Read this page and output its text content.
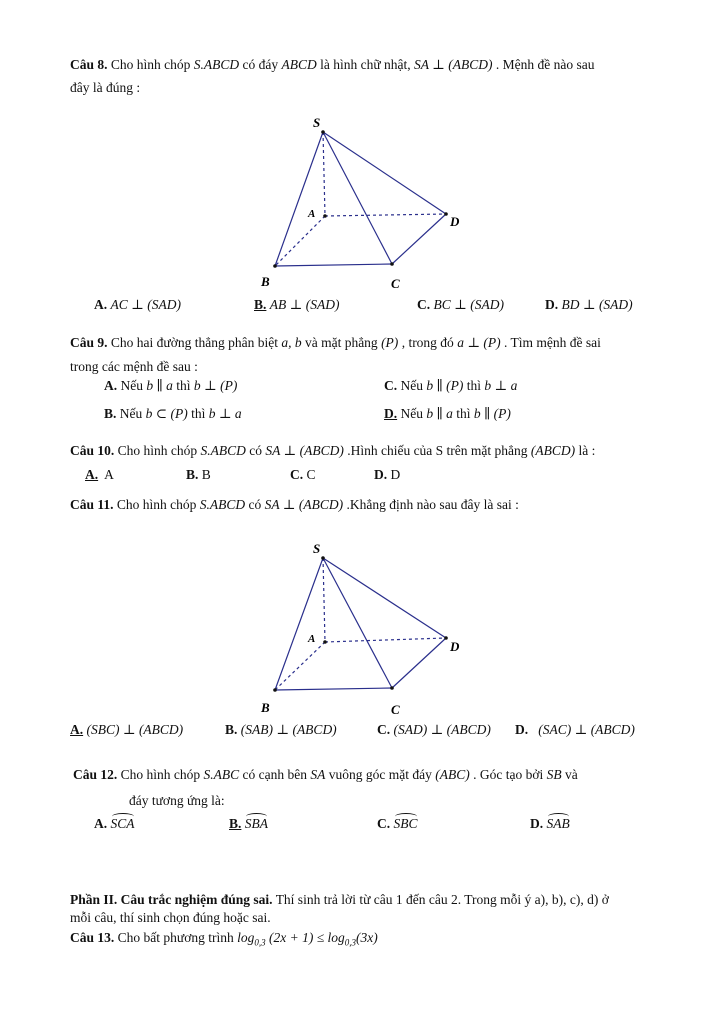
Câu 8. Cho hình chóp S.ABCD có đáy ABCD là hình chữ nhật, SA ⊥ (ABCD) . Mệnh đề nào sau
đây là đúng :
S
A
B	C
D
A. AC ⊥ (SAD)	B. AB ⊥ (SAD)	C. BC ⊥ (SAD)	D. BD ⊥ (SAD)
Câu 9. Cho hai đường thẳng phân biệt a, b và mặt phẳng (P) , trong đó a ⊥ (P) . Tìm mệnh đề sai
trong các mệnh đề sau :
A. Nếu b ∥ a thì b ⊥ (P)
B. Nếu b ⊂ (P) thì b ⊥ a
C. Nếu b ∥ (P) thì b ⊥ a
D. Nếu b ∥ a thì b ∥ (P)
Câu 10. Cho hình chóp S.ABCD có SA ⊥ (ABCD) .Hình chiếu của S trên mặt phẳng (ABCD) là :
A. A	B. B	C. C	D. D
Câu 11. Cho hình chóp S.ABCD có SA ⊥ (ABCD) .Khẳng định nào sau đây là sai :
S
A
B	C
D
A. (SBC) ⊥ (ABCD)	B. (SAB) ⊥ (ABCD)	C. (SAD) ⊥ (ABCD) D. (SAC) ⊥ (ABCD)
Câu 12. Cho hình chóp S.ABC có cạnh bên SA vuông góc mặt đáy (ABC) . Góc tạo bởi SB và
đáy tương ứng là:
A. SCA	B. SBA	C. SBC	D. SAB
Phần II. Câu trắc nghiệm đúng sai. Thí sinh trả lời từ câu 1 đến câu 2. Trong mỗi ý a), b), c), d) ở
mỗi câu, thí sinh chọn đúng hoặc sai.
Câu 13. Cho bất phương trình $\log_{0,3} (2x + 1) \le \log_{0,3}(3x)$
